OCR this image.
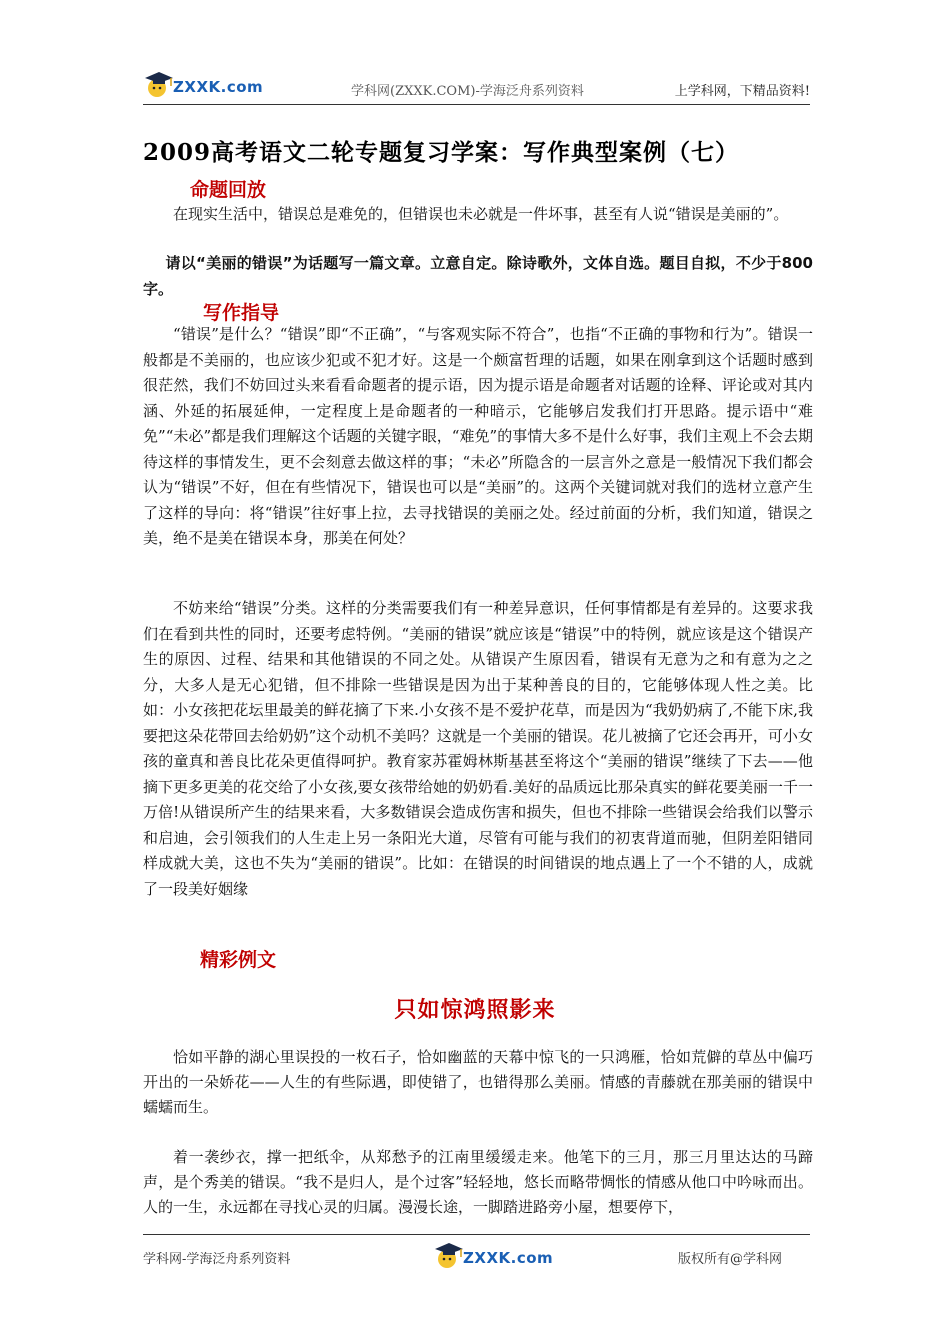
ZXXK.com	学科网(ZXXK.COM)-学海泛舟系列资料	上学科网，下精品资料!
2009高考语文二轮专题复习学案：写作典型案例（七）
命题回放

在现实生活中，错误总是难免的，但错误也未必就是一件坏事，甚至有人说“错误是美丽的”。

请以“美丽的错误”为话题写一篇文章。立意自定。除诗歌外，文体自选。题目自拟，不少于800字。

写作指导

“错误”是什么？“错误”即“不正确”，“与客观实际不符合”，也指“不正确的事物和行为”。错误一般都是不美丽的，也应该少犯或不犯才好。这是一个颇富哲理的话题，如果在刚拿到这个话题时感到很茫然，我们不妨回过头来看看命题者的提示语，因为提示语是命题者对话题的诠释、评论或对其内涵、外延的拓展延伸，一定程度上是命题者的一种暗示，它能够启发我们打开思路。提示语中“难免”“未必”都是我们理解这个话题的关键字眼，“难免”的事情大多不是什么好事，我们主观上不会去期待这样的事情发生，更不会刻意去做这样的事；“未必”所隐含的一层言外之意是一般情况下我们都会认为“错误”不好，但在有些情况下，错误也可以是“美丽”的。这两个关键词就对我们的选材立意产生了这样的导向：将“错误”往好事上拉，去寻找错误的美丽之处。经过前面的分析，我们知道，错误之美，绝不是美在错误本身，那美在何处？

不妨来给“错误”分类。这样的分类需要我们有一种差异意识，任何事情都是有差异的。这要求我们在看到共性的同时，还要考虑特例。“美丽的错误”就应该是“错误”中的特例，就应该是这个错误产生的原因、过程、结果和其他错误的不同之处。从错误产生原因看，错误有无意为之和有意为之之分，大多人是无心犯错，但不排除一些错误是因为出于某种善良的目的，它能够体现人性之美。比如：小女孩把花坛里最美的鲜花摘了下来.小女孩不是不爱护花草，而是因为“我奶奶病了,不能下床,我要把这朵花带回去给奶奶”这个动机不美吗？这就是一个美丽的错误。花儿被摘了它还会再开，可小女孩的童真和善良比花朵更值得呵护。教育家苏霍姆林斯基甚至将这个“美丽的错误”继续了下去——他摘下更多更美的花交给了小女孩,要女孩带给她的奶奶看.美好的品质远比那朵真实的鲜花要美丽一千一万倍!从错误所产生的结果来看，大多数错误会造成伤害和损失，但也不排除一些错误会给我们以警示和启迪，会引领我们的人生走上另一条阳光大道，尽管有可能与我们的初衷背道而驰，但阴差阳错同样成就大美，这也不失为“美丽的错误”。比如：在错误的时间错误的地点遇上了一个不错的人，成就了一段美好姻缘

精彩例文
只如惊鸿照影来

恰如平静的湖心里误投的一枚石子，恰如幽蓝的天幕中惊飞的一只鸿雁，恰如荒僻的草丛中偏巧开出的一朵娇花——人生的有些际遇，即使错了，也错得那么美丽。情感的青藤就在那美丽的错误中蠕蠕而生。

着一袭纱衣，撑一把纸伞，从郑愁予的江南里缓缓走来。他笔下的三月，那三月里达达的马蹄声，是个秀美的错误。“我不是归人，是个过客”轻轻地，悠长而略带惆怅的情感从他口中吟咏而出。人的一生，永远都在寻找心灵的归属。漫漫长途，一脚踏进路旁小屋，想要停下，

学科网-学海泛舟系列资料	ZXXK.com	版权所有@学科网
